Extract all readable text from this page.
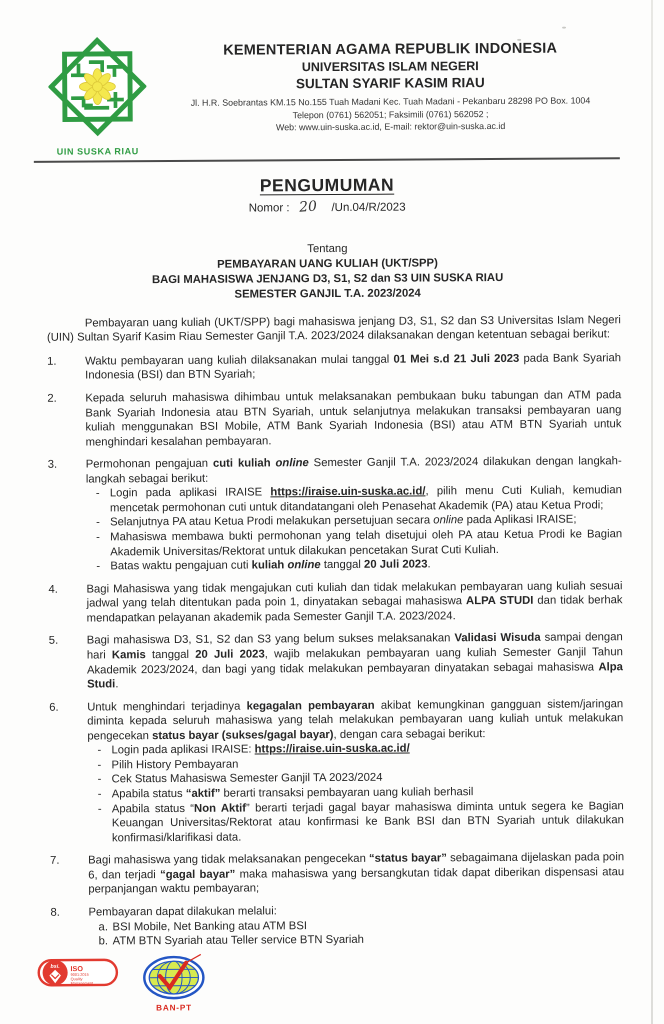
UIN SUSKA RIAU
KEMENTERIAN AGAMA REPUBLIK INDONESIA
UNIVERSITAS ISLAM NEGERI
SULTAN SYARIF KASIM RIAU
Jl. H.R. Soebrantas KM.15 No.155 Tuah Madani Kec. Tuah Madani - Pekanbaru 28298 PO Box. 1004
Telepon (0761) 562051; Faksimili (0761) 562052 ;
Web: www.uin-suska.ac.id, E-mail: rektor@uin-suska.ac.id
PENGUMUMAN
Nomor : 20 /Un.04/R/2023
Tentang
PEMBAYARAN UANG KULIAH (UKT/SPP)
BAGI MAHASISWA JENJANG D3, S1, S2 dan S3 UIN SUSKA RIAU
SEMESTER GANJIL T.A. 2023/2024

Pembayaran uang kuliah (UKT/SPP) bagi mahasiswa jenjang D3, S1, S2 dan S3 Universitas Islam Negeri (UIN) Sultan Syarif Kasim Riau Semester Ganjil T.A. 2023/2024 dilaksanakan dengan ketentuan sebagai berikut:

1.	Waktu pembayaran uang kuliah dilaksanakan mulai tanggal 01 Mei s.d 21 Juli 2023 pada Bank Syariah Indonesia (BSI) dan BTN Syariah;
2.	Kepada seluruh mahasiswa dihimbau untuk melaksanakan pembukaan buku tabungan dan ATM pada Bank Syariah Indonesia atau BTN Syariah, untuk selanjutnya melakukan transaksi pembayaran uang kuliah menggunakan BSI Mobile, ATM Bank Syariah Indonesia (BSI) atau ATM BTN Syariah untuk menghindari kesalahan pembayaran.
3.	Permohonan pengajuan cuti kuliah online Semester Ganjil T.A. 2023/2024 dilakukan dengan langkah-langkah sebagai berikut:
- Login pada aplikasi IRAISE https://iraise.uin-suska.ac.id/, pilih menu Cuti Kuliah, kemudian mencetak permohonan cuti untuk ditandatangani oleh Penasehat Akademik (PA) atau Ketua Prodi;
- Selanjutnya PA atau Ketua Prodi melakukan persetujuan secara online pada Aplikasi IRAISE;
- Mahasiswa membawa bukti permohonan yang telah disetujui oleh PA atau Ketua Prodi ke Bagian Akademik Universitas/Rektorat untuk dilakukan pencetakan Surat Cuti Kuliah.
- Batas waktu pengajuan cuti kuliah online tanggal 20 Juli 2023.
4.	Bagi Mahasiswa yang tidak mengajukan cuti kuliah dan tidak melakukan pembayaran uang kuliah sesuai jadwal yang telah ditentukan pada poin 1, dinyatakan sebagai mahasiswa ALPA STUDI dan tidak berhak mendapatkan pelayanan akademik pada Semester Ganjil T.A. 2023/2024.
5.	Bagi mahasiswa D3, S1, S2 dan S3 yang belum sukses melaksanakan Validasi Wisuda sampai dengan hari Kamis tanggal 20 Juli 2023, wajib melakukan pembayaran uang kuliah Semester Ganjil Tahun Akademik 2023/2024, dan bagi yang tidak melakukan pembayaran dinyatakan sebagai mahasiswa Alpa Studi.
6.	Untuk menghindari terjadinya kegagalan pembayaran akibat kemungkinan gangguan sistem/jaringan diminta kepada seluruh mahasiswa yang telah melakukan pembayaran uang kuliah untuk melakukan pengecekan status bayar (sukses/gagal bayar), dengan cara sebagai berikut:
- Login pada aplikasi IRAISE: https://iraise.uin-suska.ac.id/
- Pilih History Pembayaran
- Cek Status Mahasiswa Semester Ganjil TA 2023/2024
- Apabila status “aktif” berarti transaksi pembayaran uang kuliah berhasil
- Apabila status “Non Aktif” berarti terjadi gagal bayar mahasiswa diminta untuk segera ke Bagian Keuangan Universitas/Rektorat atau konfirmasi ke Bank BSI dan BTN Syariah untuk dilakukan konfirmasi/klarifikasi data.
7.	Bagi mahasiswa yang tidak melaksanakan pengecekan “status bayar” sebagaimana dijelaskan pada poin 6, dan terjadi “gagal bayar” maka mahasiswa yang bersangkutan tidak dapat diberikan dispensasi atau perpanjangan waktu pembayaran;
8.	Pembayaran dapat dilakukan melalui:
a. BSI Mobile, Net Banking atau ATM BSI
b. ATM BTN Syariah atau Teller service BTN Syariah
bsi. ISO
9001:2015
Quality
Management
BAN-PT
